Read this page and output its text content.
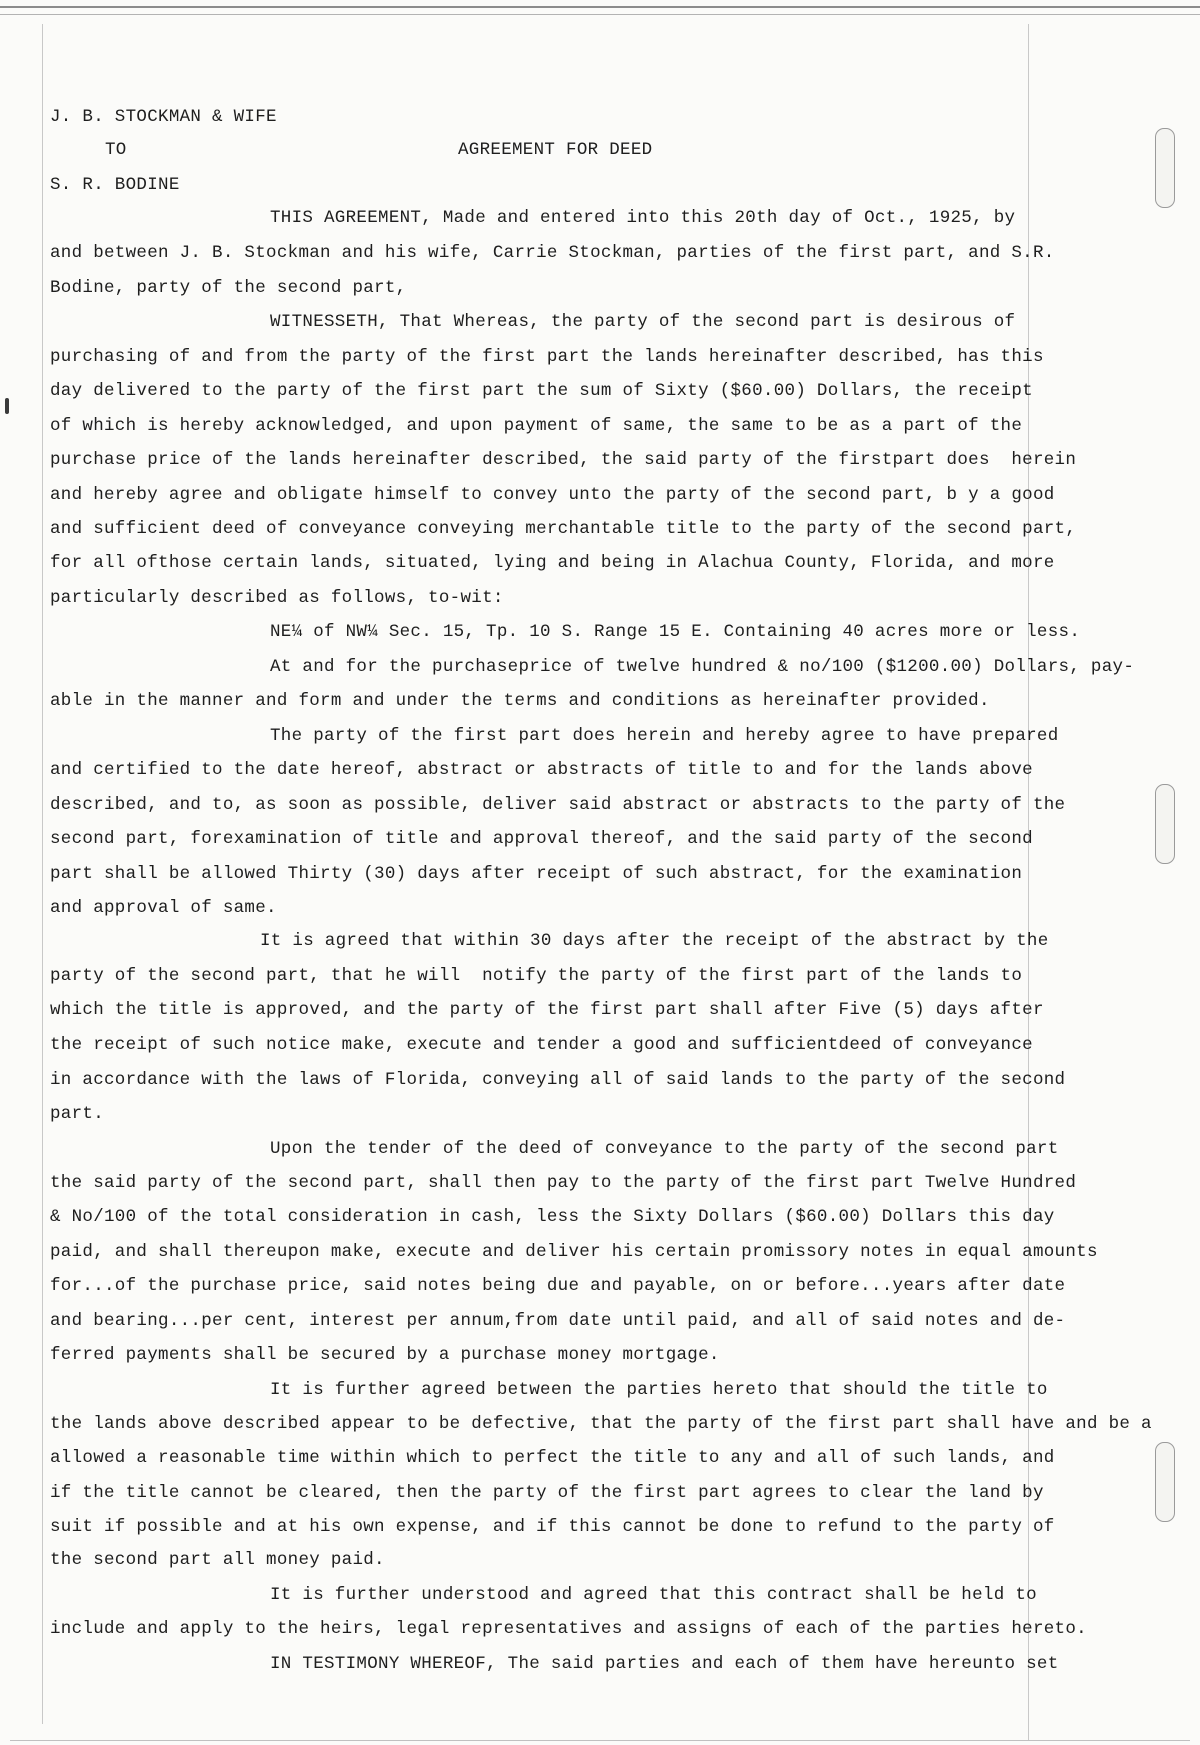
J. B. STOCKMAN & WIFE
TO	AGREEMENT FOR DEED
S. R. BODINE
THIS AGREEMENT, Made and entered into this 20th day of Oct., 1925, by
and between J. B. Stockman and his wife, Carrie Stockman, parties of the first part, and S.R.
Bodine, party of the second part,
WITNESSETH, That Whereas, the party of the second part is desirous of
purchasing of and from the party of the first part the lands hereinafter described, has this
day delivered to the party of the first part the sum of Sixty ($60.00) Dollars, the receipt
of which is hereby acknowledged, and upon payment of same, the same to be as a part of the
purchase price of the lands hereinafter described, the said party of the firstpart does  herein
and hereby agree and obligate himself to convey unto the party of the second part, b y a good
and sufficient deed of conveyance conveying merchantable title to the party of the second part,
for all ofthose certain lands, situated, lying and being in Alachua County, Florida, and more
particularly described as follows, to-wit:
NE¼ of NW¼ Sec. 15, Tp. 10 S. Range 15 E. Containing 40 acres more or less.
At and for the purchaseprice of twelve hundred & no/100 ($1200.00) Dollars, pay-
able in the manner and form and under the terms and conditions as hereinafter provided.
The party of the first part does herein and hereby agree to have prepared
and certified to the date hereof, abstract or abstracts of title to and for the lands above
described, and to, as soon as possible, deliver said abstract or abstracts to the party of the
second part, forexamination of title and approval thereof, and the said party of the second
part shall be allowed Thirty (30) days after receipt of such abstract, for the examination
and approval of same.
It is agreed that within 30 days after the receipt of the abstract by the
party of the second part, that he will  notify the party of the first part of the lands to
which the title is approved, and the party of the first part shall after Five (5) days after
the receipt of such notice make, execute and tender a good and sufficientdeed of conveyance
in accordance with the laws of Florida, conveying all of said lands to the party of the second
part.
Upon the tender of the deed of conveyance to the party of the second part
the said party of the second part, shall then pay to the party of the first part Twelve Hundred
& No/100 of the total consideration in cash, less the Sixty Dollars ($60.00) Dollars this day
paid, and shall thereupon make, execute and deliver his certain promissory notes in equal amounts
for...of the purchase price, said notes being due and payable, on or before...years after date
and bearing...per cent, interest per annum,from date until paid, and all of said notes and de-
ferred payments shall be secured by a purchase money mortgage.
It is further agreed between the parties hereto that should the title to
the lands above described appear to be defective, that the party of the first part shall have and be a
allowed a reasonable time within which to perfect the title to any and all of such lands, and
if the title cannot be cleared, then the party of the first part agrees to clear the land by
suit if possible and at his own expense, and if this cannot be done to refund to the party of
the second part all money paid.
It is further understood and agreed that this contract shall be held to
include and apply to the heirs, legal representatives and assigns of each of the parties hereto.
IN TESTIMONY WHEREOF, The said parties and each of them have hereunto set
